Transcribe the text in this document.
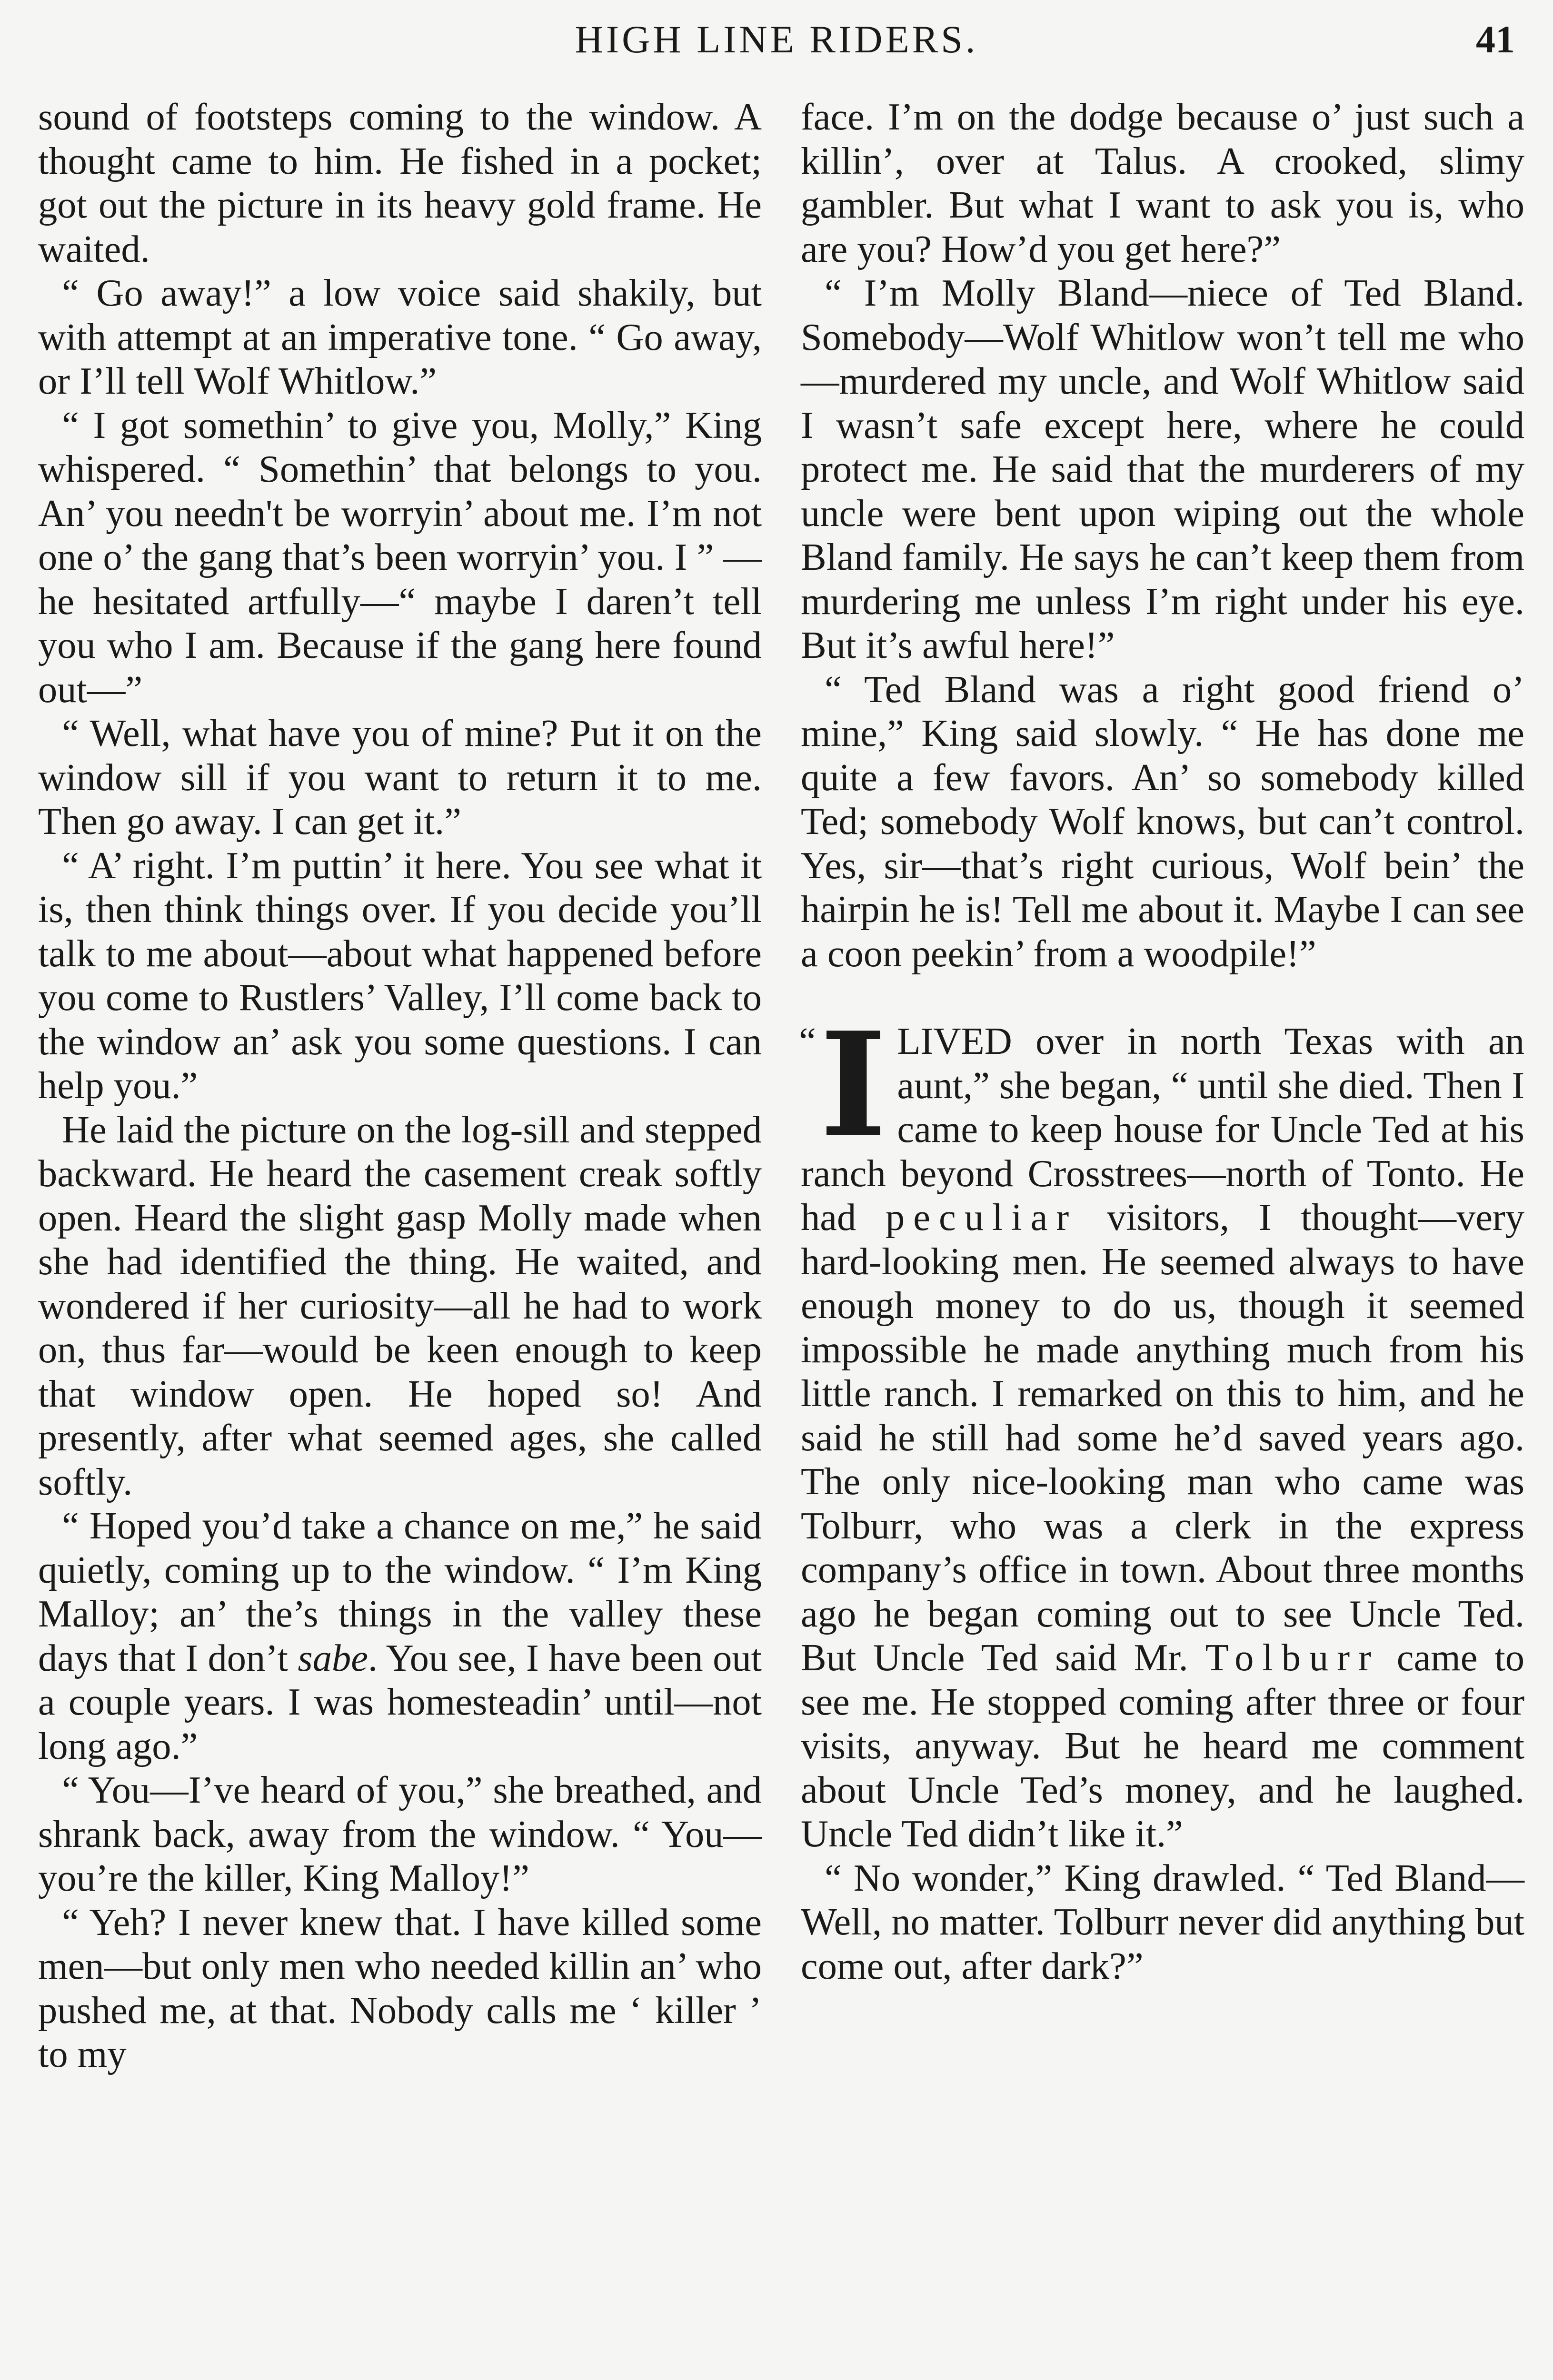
HIGH LINE RIDERS.	41

sound of footsteps coming to the window. A thought came to him. He fished in a pocket; got out the picture in its heavy gold frame. He waited.

“ Go away!” a low voice said shakily, but with attempt at an imperative tone. “ Go away, or I’ll tell Wolf Whitlow.”

“ I got somethin’ to give you, Molly,” King whispered. “ Somethin’ that belongs to you. An’ you needn't be worryin’ about me. I’m not one o’ the gang that’s been worryin’ you. I ” —he hesitated artfully—“ maybe I daren’t tell you who I am. Because if the gang here found out—”

“ Well, what have you of mine? Put it on the window sill if you want to return it to me. Then go away. I can get it.”

“ A’ right. I’m puttin’ it here. You see what it is, then think things over. If you decide you’ll talk to me about—about what happened before you come to Rustlers’ Valley, I’ll come back to the window an’ ask you some questions. I can help you.”

He laid the picture on the log-sill and stepped backward. He heard the casement creak softly open. Heard the slight gasp Molly made when she had identified the thing. He waited, and wondered if her curiosity—all he had to work on, thus far—would be keen enough to keep that window open. He hoped so! And presently, after what seemed ages, she called softly.

“ Hoped you’d take a chance on me,” he said quietly, coming up to the window. “ I’m King Malloy; an’ the’s things in the valley these days that I don’t sabe. You see, I have been out a couple years. I was homesteadin’ until—not long ago.”

“ You—I’ve heard of you,” she breathed, and shrank back, away from the window. “ You—you’re the killer, King Malloy!”

“ Yeh? I never knew that. I have killed some men—but only men who needed killin an’ who pushed me, at that. Nobody calls me ‘ killer ’ to my

face. I’m on the dodge because o’ just such a killin’, over at Talus. A crooked, slimy gambler. But what I want to ask you is, who are you? How’d you get here?”

“ I’m Molly Bland—niece of Ted Bland. Somebody—Wolf Whitlow won’t tell me who—murdered my uncle, and Wolf Whitlow said I wasn’t safe except here, where he could protect me. He said that the murderers of my uncle were bent upon wiping out the whole Bland family. He says he can’t keep them from murdering me unless I’m right under his eye. But it’s awful here!”

“ Ted Bland was a right good friend o’ mine,” King said slowly. “ He has done me quite a few favors. An’ so somebody killed Ted; somebody Wolf knows, but can’t control. Yes, sir—that’s right curious, Wolf bein’ the hairpin he is! Tell me about it. Maybe I can see a coon peekin’ from a woodpile!”

“ I LIVED over in north Texas with an aunt,” she began, “ until she died. Then I came to keep house for Uncle Ted at his ranch beyond Crosstrees—north of Tonto. He had peculiar visitors, I thought—very hard-looking men. He seemed always to have enough money to do us, though it seemed impossible he made anything much from his little ranch. I remarked on this to him, and he said he still had some he’d saved years ago. The only nice-looking man who came was Tolburr, who was a clerk in the express company’s office in town. About three months ago he began coming out to see Uncle Ted. But Uncle Ted said Mr. Tolburr came to see me. He stopped coming after three or four visits, anyway. But he heard me comment about Uncle Ted’s money, and he laughed. Uncle Ted didn’t like it.”

“ No wonder,” King drawled. “ Ted Bland— Well, no matter. Tolburr never did anything but come out, after dark?”
